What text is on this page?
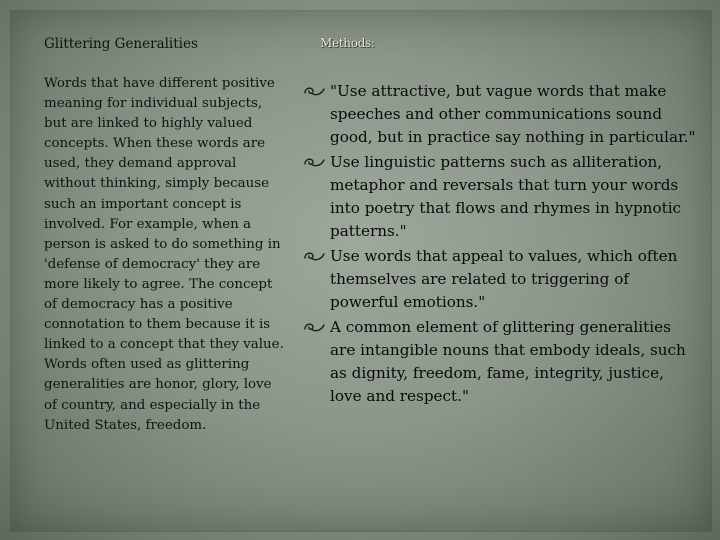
Glittering Generalities

Words that have different positive meaning for individual subjects, but are linked to highly valued concepts. When these words are used, they demand approval without thinking, simply because such an important concept is involved. For example, when a person is asked to do something in 'defense of democracy' they are more likely to agree. The concept of democracy has a positive connotation to them because it is linked to a concept that they value. Words often used as glittering generalities are honor, glory, love of country, and especially in the United States, freedom.

Methods:
"Use attractive, but vague words that make speeches and other communications sound good, but in practice say nothing in particular."
Use linguistic patterns such as alliteration, metaphor and reversals that turn your words into poetry that flows and rhymes in hypnotic patterns."
Use words that appeal to values, which often themselves are related to triggering of powerful emotions."
A common element of glittering generalities are intangible nouns that embody ideals, such as dignity, freedom, fame, integrity, justice, love and respect."
